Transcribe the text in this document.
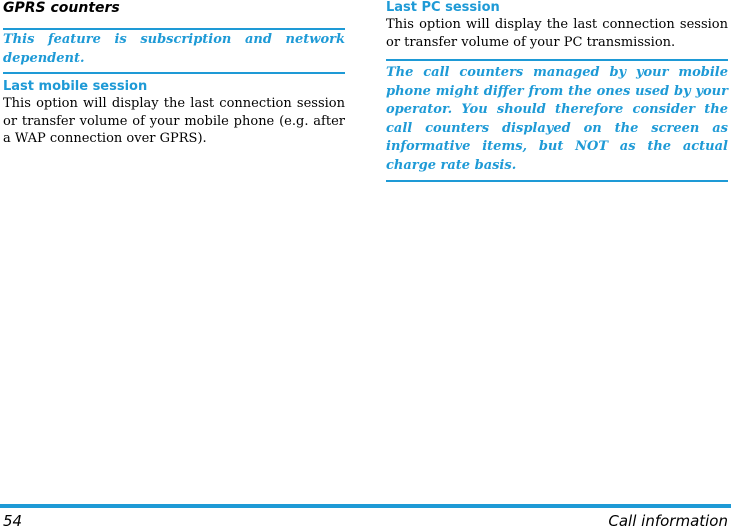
GPRS counters

This feature is subscription and network dependent.

Last mobile session

This option will display the last connection session or transfer volume of your mobile phone (e.g. after a WAP connection over GPRS).

Last PC session

This option will display the last connection session or transfer volume of your PC transmission.

The call counters managed by your mobile phone might differ from the ones used by your operator. You should therefore consider the call counters displayed on the screen as informative items, but NOT as the actual charge rate basis.

54	Call information
